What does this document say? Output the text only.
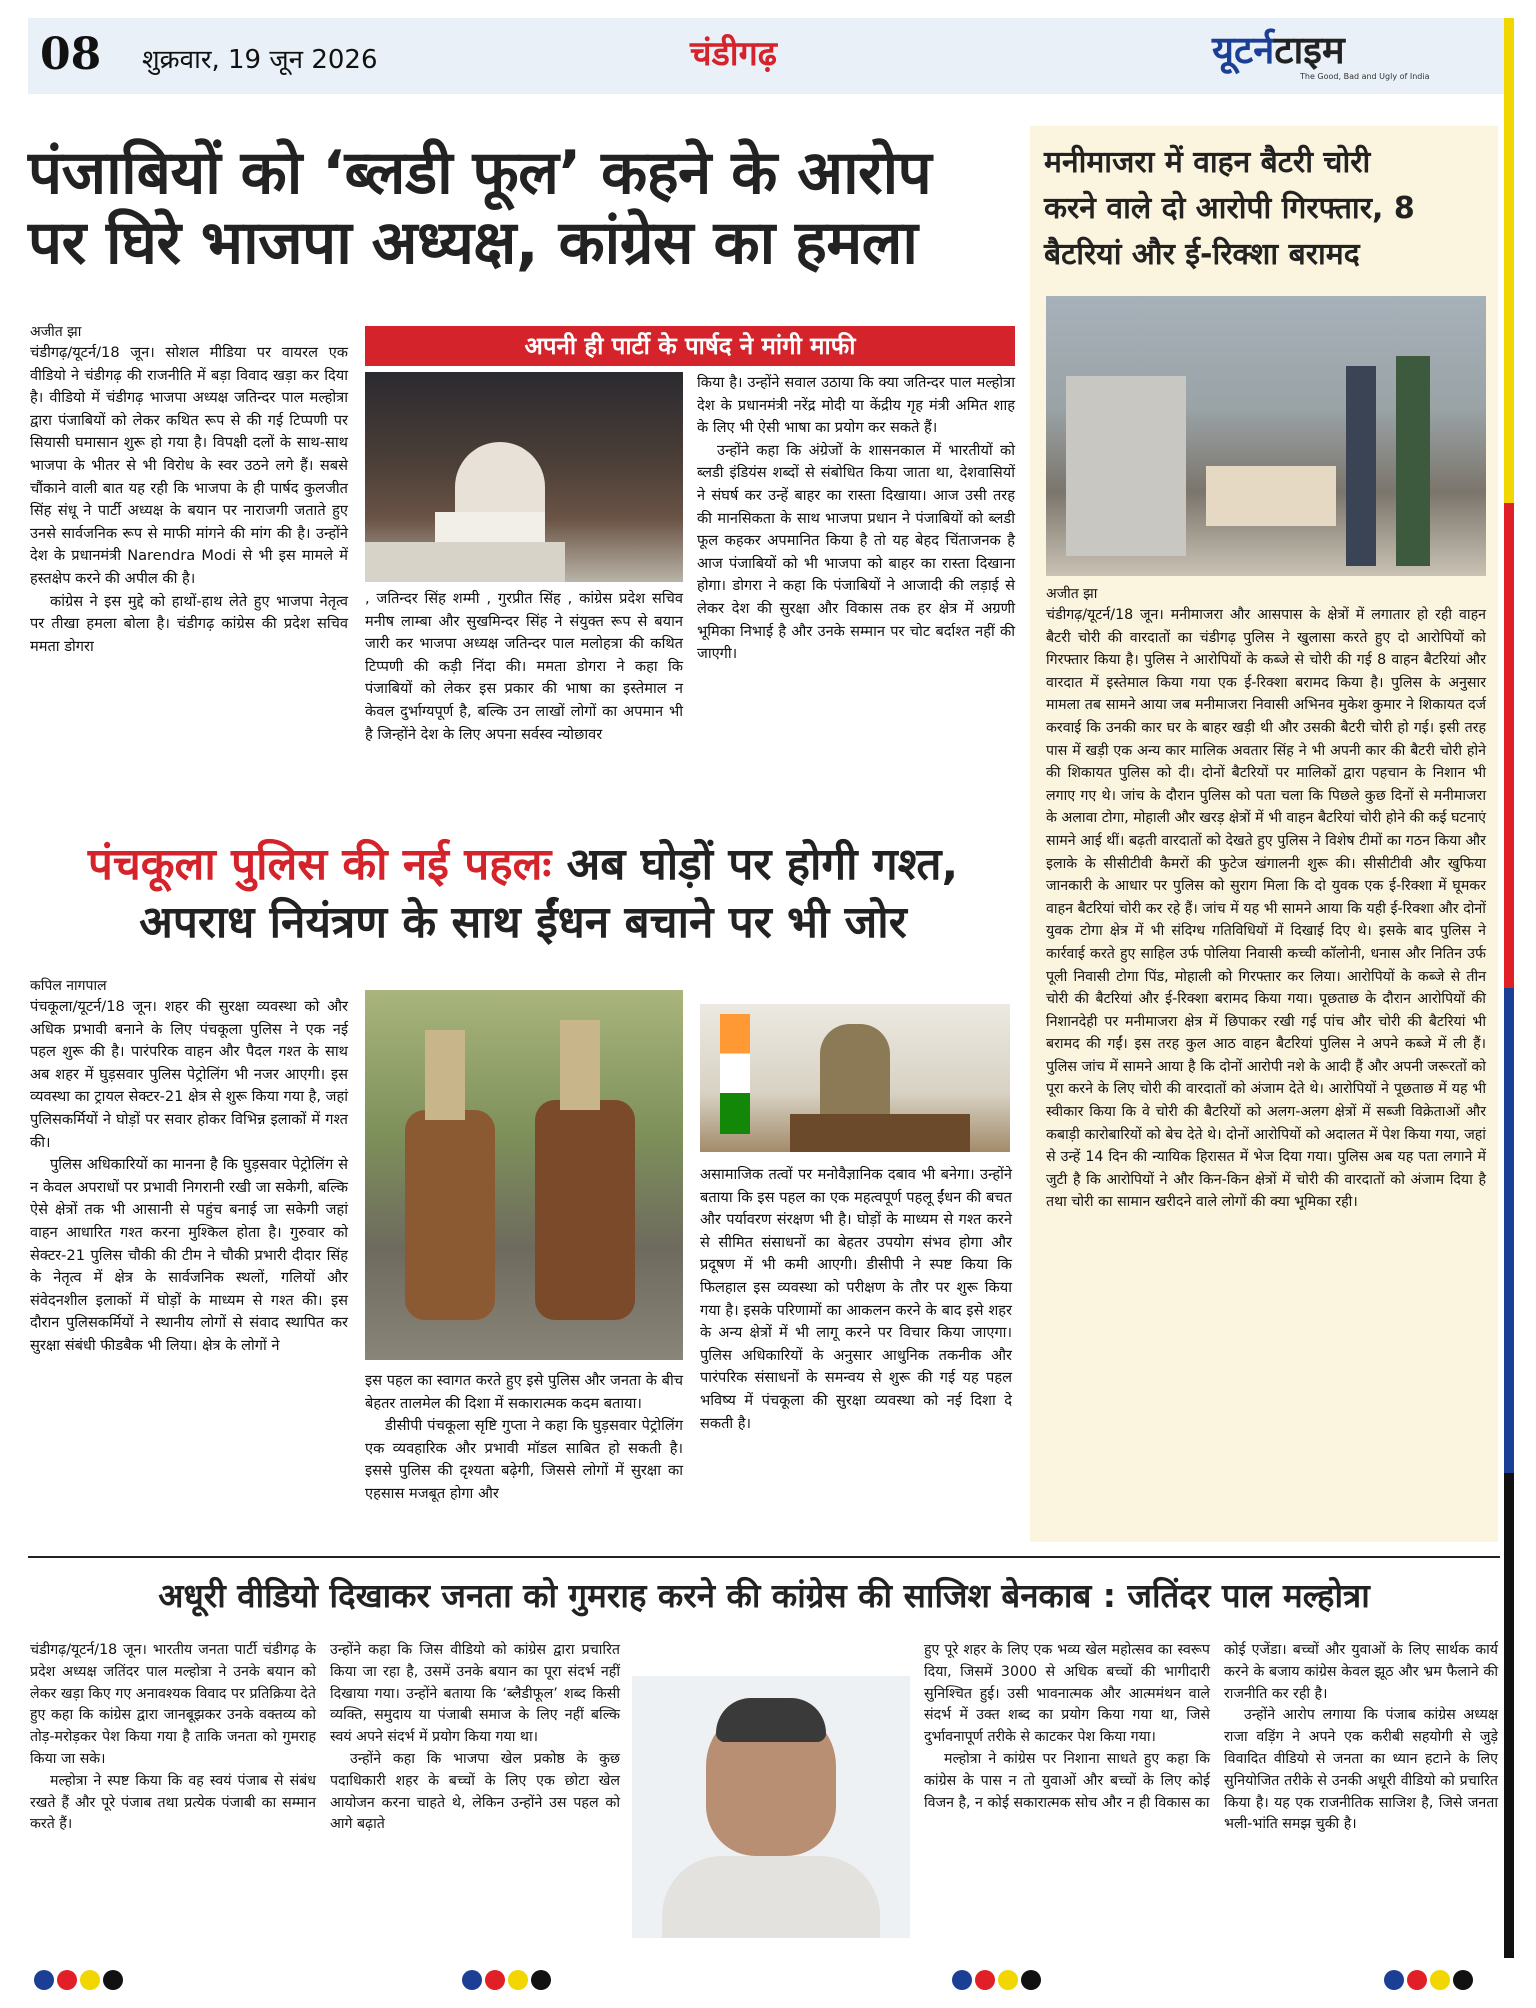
08 शुक्रवार, 19 जून 2026	चंडीगढ़	यूटर्नटाइम
The Good, Bad and Ugly of India
पंजाबियों को ‘ब्लडी फूल’ कहने के आरोप
पर घिरे भाजपा अध्यक्ष, कांग्रेस का हमला
अपनी ही पार्टी के पार्षद ने मांगी माफी
अजीत झा

चंडीगढ़/यूटर्न/18 जून। सोशल मीडिया पर वायरल एक वीडियो ने चंडीगढ़ की राजनीति में बड़ा विवाद खड़ा कर दिया है। वीडियो में चंडीगढ़ भाजपा अध्यक्ष जतिन्दर पाल मल्होत्रा द्वारा पंजाबियों को लेकर कथित रूप से की गई टिप्पणी पर सियासी घमासान शुरू हो गया है। विपक्षी दलों के साथ-साथ भाजपा के भीतर से भी विरोध के स्वर उठने लगे हैं। सबसे चौंकाने वाली बात यह रही कि भाजपा के ही पार्षद कुलजीत सिंह संधू ने पार्टी अध्यक्ष के बयान पर नाराजगी जताते हुए उनसे सार्वजनिक रूप से माफी मांगने की मांग की है। उन्होंने देश के प्रधानमंत्री Narendra Modi से भी इस मामले में हस्तक्षेप करने की अपील की है।

कांग्रेस ने इस मुद्दे को हाथों-हाथ लेते हुए भाजपा नेतृत्व पर तीखा हमला बोला है। चंडीगढ़ कांग्रेस की प्रदेश सचिव ममता डोगरा

, जतिन्दर सिंह शम्मी , गुरप्रीत सिंह , कांग्रेस प्रदेश सचिव मनीष लाम्बा और सुखमिन्दर सिंह ने संयुक्त रूप से बयान जारी कर भाजपा अध्यक्ष जतिन्दर पाल मलोहत्रा की कथित टिप्पणी की कड़ी निंदा की। ममता डोगरा ने कहा कि पंजाबियों को लेकर इस प्रकार की भाषा का इस्तेमाल न केवल दुर्भाग्यपूर्ण है, बल्कि उन लाखों लोगों का अपमान भी है जिन्होंने देश के लिए अपना सर्वस्व न्योछावर

किया है। उन्होंने सवाल उठाया कि क्या जतिन्दर पाल मल्होत्रा देश के प्रधानमंत्री नरेंद्र मोदी या केंद्रीय गृह मंत्री अमित शाह के लिए भी ऐसी भाषा का प्रयोग कर सकते हैं।

उन्होंने कहा कि अंग्रेजों के शासनकाल में भारतीयों को ब्लडी इंडियंस शब्दों से संबोधित किया जाता था, देशवासियों ने संघर्ष कर उन्हें बाहर का रास्ता दिखाया। आज उसी तरह की मानसिकता के साथ भाजपा प्रधान ने पंजाबियों को ब्लडी फूल कहकर अपमानित किया है तो यह बेहद चिंताजनक है आज पंजाबियों को भी भाजपा को बाहर का रास्ता दिखाना होगा। डोगरा ने कहा कि पंजाबियों ने आजादी की लड़ाई से लेकर देश की सुरक्षा और विकास तक हर क्षेत्र में अग्रणी भूमिका निभाई है और उनके सम्मान पर चोट बर्दाश्त नहीं की जाएगी।

मनीमाजरा में वाहन बैटरी चोरी
करने वाले दो आरोपी गिरफ्तार, 8
बैटरियां और ई-रिक्शा बरामद
अजीत झा

चंडीगढ़/यूटर्न/18 जून। मनीमाजरा और आसपास के क्षेत्रों में लगातार हो रही वाहन बैटरी चोरी की वारदातों का चंडीगढ़ पुलिस ने खुलासा करते हुए दो आरोपियों को गिरफ्तार किया है। पुलिस ने आरोपियों के कब्जे से चोरी की गई 8 वाहन बैटरियां और वारदात में इस्तेमाल किया गया एक ई-रिक्शा बरामद किया है। पुलिस के अनुसार मामला तब सामने आया जब मनीमाजरा निवासी अभिनव मुकेश कुमार ने शिकायत दर्ज करवाई कि उनकी कार घर के बाहर खड़ी थी और उसकी बैटरी चोरी हो गई। इसी तरह पास में खड़ी एक अन्य कार मालिक अवतार सिंह ने भी अपनी कार की बैटरी चोरी होने की शिकायत पुलिस को दी। दोनों बैटरियों पर मालिकों द्वारा पहचान के निशान भी लगाए गए थे। जांच के दौरान पुलिस को पता चला कि पिछले कुछ दिनों से मनीमाजरा के अलावा टोगा, मोहाली और खरड़ क्षेत्रों में भी वाहन बैटरियां चोरी होने की कई घटनाएं सामने आई थीं। बढ़ती वारदातों को देखते हुए पुलिस ने विशेष टीमों का गठन किया और इलाके के सीसीटीवी कैमरों की फुटेज खंगालनी शुरू की। सीसीटीवी और खुफिया जानकारी के आधार पर पुलिस को सुराग मिला कि दो युवक एक ई-रिक्शा में घूमकर वाहन बैटरियां चोरी कर रहे हैं। जांच में यह भी सामने आया कि यही ई-रिक्शा और दोनों युवक टोगा क्षेत्र में भी संदिग्ध गतिविधियों में दिखाई दिए थे। इसके बाद पुलिस ने कार्रवाई करते हुए साहिल उर्फ पोलिया निवासी कच्ची कॉलोनी, धनास और नितिन उर्फ पूली निवासी टोगा पिंड, मोहाली को गिरफ्तार कर लिया। आरोपियों के कब्जे से तीन चोरी की बैटरियां और ई-रिक्शा बरामद किया गया। पूछताछ के दौरान आरोपियों की निशानदेही पर मनीमाजरा क्षेत्र में छिपाकर रखी गई पांच और चोरी की बैटरियां भी बरामद की गईं। इस तरह कुल आठ वाहन बैटरियां पुलिस ने अपने कब्जे में ली हैं। पुलिस जांच में सामने आया है कि दोनों आरोपी नशे के आदी हैं और अपनी जरूरतों को पूरा करने के लिए चोरी की वारदातों को अंजाम देते थे। आरोपियों ने पूछताछ में यह भी स्वीकार किया कि वे चोरी की बैटरियों को अलग-अलग क्षेत्रों में सब्जी विक्रेताओं और कबाड़ी कारोबारियों को बेच देते थे। दोनों आरोपियों को अदालत में पेश किया गया, जहां से उन्हें 14 दिन की न्यायिक हिरासत में भेज दिया गया। पुलिस अब यह पता लगाने में जुटी है कि आरोपियों ने और किन-किन क्षेत्रों में चोरी की वारदातों को अंजाम दिया है तथा चोरी का सामान खरीदने वाले लोगों की क्या भूमिका रही।

पंचकूला पुलिस की नई पहलः अब घोड़ों पर होगी गश्त,
अपराध नियंत्रण के साथ ईंधन बचाने पर भी जोर
कपिल नागपाल

पंचकूला/यूटर्न/18 जून। शहर की सुरक्षा व्यवस्था को और अधिक प्रभावी बनाने के लिए पंचकूला पुलिस ने एक नई पहल शुरू की है। पारंपरिक वाहन और पैदल गश्त के साथ अब शहर में घुड़सवार पुलिस पेट्रोलिंग भी नजर आएगी। इस व्यवस्था का ट्रायल सेक्टर-21 क्षेत्र से शुरू किया गया है, जहां पुलिसकर्मियों ने घोड़ों पर सवार होकर विभिन्न इलाकों में गश्त की।

पुलिस अधिकारियों का मानना है कि घुड़सवार पेट्रोलिंग से न केवल अपराधों पर प्रभावी निगरानी रखी जा सकेगी, बल्कि ऐसे क्षेत्रों तक भी आसानी से पहुंच बनाई जा सकेगी जहां वाहन आधारित गश्त करना मुश्किल होता है। गुरुवार को सेक्टर-21 पुलिस चौकी की टीम ने चौकी प्रभारी दीदार सिंह के नेतृत्व में क्षेत्र के सार्वजनिक स्थलों, गलियों और संवेदनशील इलाकों में घोड़ों के माध्यम से गश्त की। इस दौरान पुलिसकर्मियों ने स्थानीय लोगों से संवाद स्थापित कर सुरक्षा संबंधी फीडबैक भी लिया। क्षेत्र के लोगों ने

इस पहल का स्वागत करते हुए इसे पुलिस और जनता के बीच बेहतर तालमेल की दिशा में सकारात्मक कदम बताया।

डीसीपी पंचकूला सृष्टि गुप्ता ने कहा कि घुड़सवार पेट्रोलिंग एक व्यवहारिक और प्रभावी मॉडल साबित हो सकती है। इससे पुलिस की दृश्यता बढ़ेगी, जिससे लोगों में सुरक्षा का एहसास मजबूत होगा और

असामाजिक तत्वों पर मनोवैज्ञानिक दबाव भी बनेगा। उन्होंने बताया कि इस पहल का एक महत्वपूर्ण पहलू ईंधन की बचत और पर्यावरण संरक्षण भी है। घोड़ों के माध्यम से गश्त करने से सीमित संसाधनों का बेहतर उपयोग संभव होगा और प्रदूषण में भी कमी आएगी। डीसीपी ने स्पष्ट किया कि फिलहाल इस व्यवस्था को परीक्षण के तौर पर शुरू किया गया है। इसके परिणामों का आकलन करने के बाद इसे शहर के अन्य क्षेत्रों में भी लागू करने पर विचार किया जाएगा। पुलिस अधिकारियों के अनुसार आधुनिक तकनीक और पारंपरिक संसाधनों के समन्वय से शुरू की गई यह पहल भविष्य में पंचकूला की सुरक्षा व्यवस्था को नई दिशा दे सकती है।

अधूरी वीडियो दिखाकर जनता को गुमराह करने की कांग्रेस की साजिश बेनकाब : जतिंदर पाल मल्होत्रा

चंडीगढ़/यूटर्न/18 जून। भारतीय जनता पार्टी चंडीगढ़ के प्रदेश अध्यक्ष जतिंदर पाल मल्होत्रा ने उनके बयान को लेकर खड़ा किए गए अनावश्यक विवाद पर प्रतिक्रिया देते हुए कहा कि कांग्रेस द्वारा जानबूझकर उनके वक्तव्य को तोड़-मरोड़कर पेश किया गया है ताकि जनता को गुमराह किया जा सके।

मल्होत्रा ने स्पष्ट किया कि वह स्वयं पंजाब से संबंध रखते हैं और पूरे पंजाब तथा प्रत्येक पंजाबी का सम्मान करते हैं।

उन्होंने कहा कि जिस वीडियो को कांग्रेस द्वारा प्रचारित किया जा रहा है, उसमें उनके बयान का पूरा संदर्भ नहीं दिखाया गया। उन्होंने बताया कि ‘ब्लैडीफूल’ शब्द किसी व्यक्ति, समुदाय या पंजाबी समाज के लिए नहीं बल्कि स्वयं अपने संदर्भ में प्रयोग किया गया था।

उन्होंने कहा कि भाजपा खेल प्रकोष्ठ के कुछ पदाधिकारी शहर के बच्चों के लिए एक छोटा खेल आयोजन करना चाहते थे, लेकिन उन्होंने उस पहल को आगे बढ़ाते

हुए पूरे शहर के लिए एक भव्य खेल महोत्सव का स्वरूप दिया, जिसमें 3000 से अधिक बच्चों की भागीदारी सुनिश्चित हुई। उसी भावनात्मक और आत्ममंथन वाले संदर्भ में उक्त शब्द का प्रयोग किया गया था, जिसे दुर्भावनापूर्ण तरीके से काटकर पेश किया गया।

मल्होत्रा ने कांग्रेस पर निशाना साधते हुए कहा कि कांग्रेस के पास न तो युवाओं और बच्चों के लिए कोई विजन है, न कोई सकारात्मक सोच और न ही विकास का

कोई एजेंडा। बच्चों और युवाओं के लिए सार्थक कार्य करने के बजाय कांग्रेस केवल झूठ और भ्रम फैलाने की राजनीति कर रही है।

उन्होंने आरोप लगाया कि पंजाब कांग्रेस अध्यक्ष राजा वड़िंग ने अपने एक करीबी सहयोगी से जुड़े विवादित वीडियो से जनता का ध्यान हटाने के लिए सुनियोजित तरीके से उनकी अधूरी वीडियो को प्रचारित किया है। यह एक राजनीतिक साजिश है, जिसे जनता भली-भांति समझ चुकी है।
